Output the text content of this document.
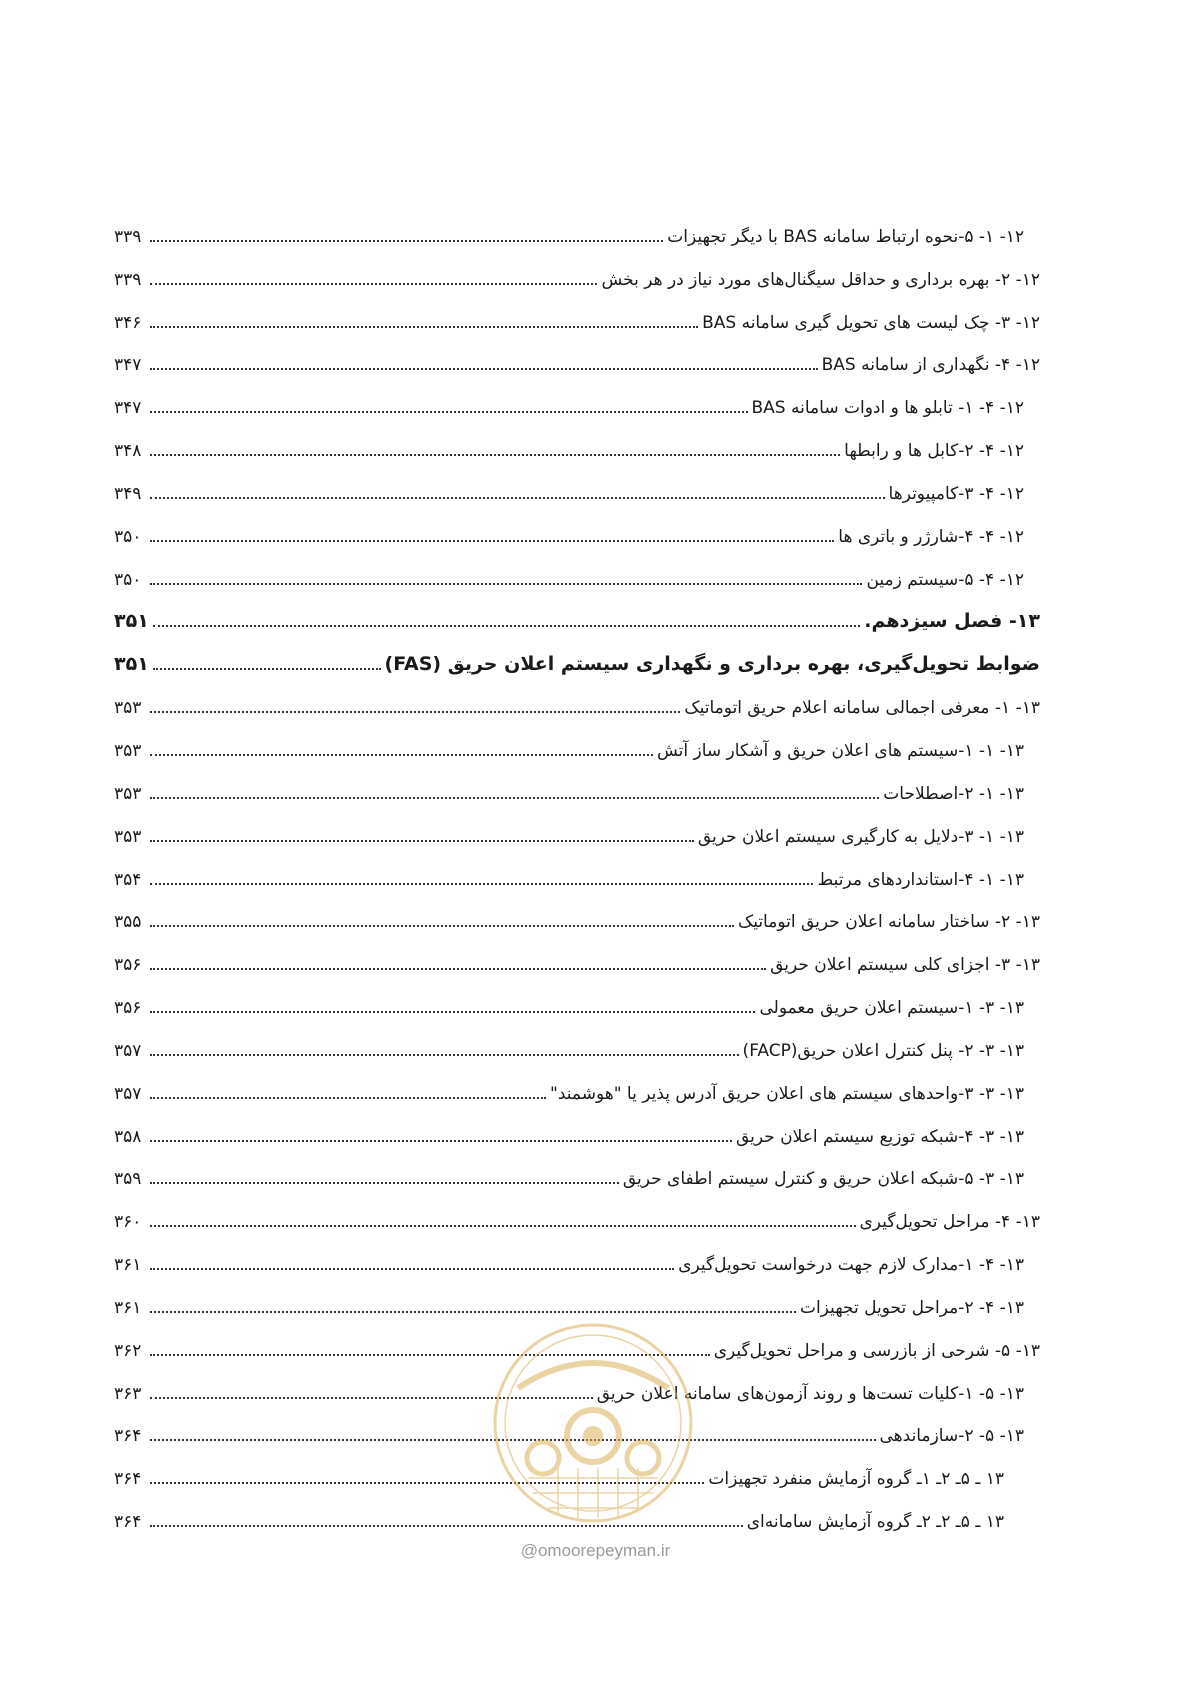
۱۲- ۱- ۵-نحوه ارتباط سامانه BAS با دیگر تجهیزات
۳۳۹
۱۲- ۲- بهره برداری و حداقل سیگنال‌های مورد نیاز در هر بخش
۳۳۹
۱۲- ۳- چک لیست های تحویل گیری سامانه BAS
۳۴۶
۱۲- ۴- نگهداری از سامانه BAS
۳۴۷
۱۲- ۴- ۱- تابلو ها و ادوات سامانه BAS
۳۴۷
۱۲- ۴- ۲-کابل ها و رابطها
۳۴۸
۱۲- ۴- ۳-کامپیوترها
۳۴۹
۱۲- ۴- ۴-شارژر و باتری ها
۳۵۰
۱۲- ۴- ۵-سیستم زمین
۳۵۰
۱۳- فصل سیزدهم.
۳۵۱
ضوابط تحویل‌گیری، بهره برداری و نگهداری سیستم اعلان حریق (FAS)
۳۵۱
۱۳- ۱- معرفی اجمالی سامانه اعلام حریق اتوماتیک
۳۵۳
۱۳- ۱- ۱-سیستم های اعلان حریق و آشکار ساز آتش
۳۵۳
۱۳- ۱- ۲-اصطلاحات
۳۵۳
۱۳- ۱- ۳-دلایل به کارگیری سیستم اعلان حریق
۳۵۳
۱۳- ۱- ۴-استانداردهای مرتبط
۳۵۴
۱۳- ۲- ساختار سامانه اعلان حریق اتوماتیک
۳۵۵
۱۳- ۳- اجزای کلی سیستم اعلان حریق
۳۵۶
۱۳- ۳- ۱-سیستم اعلان حریق معمولی
۳۵۶
۱۳- ۳- ۲- پنل کنترل اعلان حریق(FACP)
۳۵۷
۱۳- ۳- ۳-واحدهای سیستم های اعلان حریق آدرس پذیر یا "هوشمند"
۳۵۷
۱۳- ۳- ۴-شبکه توزیع سیستم اعلان حریق
۳۵۸
۱۳- ۳- ۵-شبکه اعلان حریق و کنترل سیستم اطفای حریق
۳۵۹
۱۳- ۴- مراحل تحویل‌گیری
۳۶۰
۱۳- ۴- ۱-مدارک لازم جهت درخواست تحویل‌گیری
۳۶۱
۱۳- ۴- ۲-مراحل تحویل تجهیزات
۳۶۱
۱۳- ۵- شرحی از بازرسی و مراحل تحویل‌گیری
۳۶۲
۱۳- ۵- ۱-کلیات تست‌ها و روند آزمون‌های سامانه اعلان حریق
۳۶۳
۱۳- ۵- ۲-سازماندهی
۳۶۴
۱۳ ـ ۵ـ ۲ـ ۱ـ گروه آزمایش منفرد تجهیزات
۳۶۴
۱۳ ـ ۵ـ ۲ـ ۲ـ گروه آزمایش سامانه‌ای
۳۶۴
@omoorepeyman.ir
